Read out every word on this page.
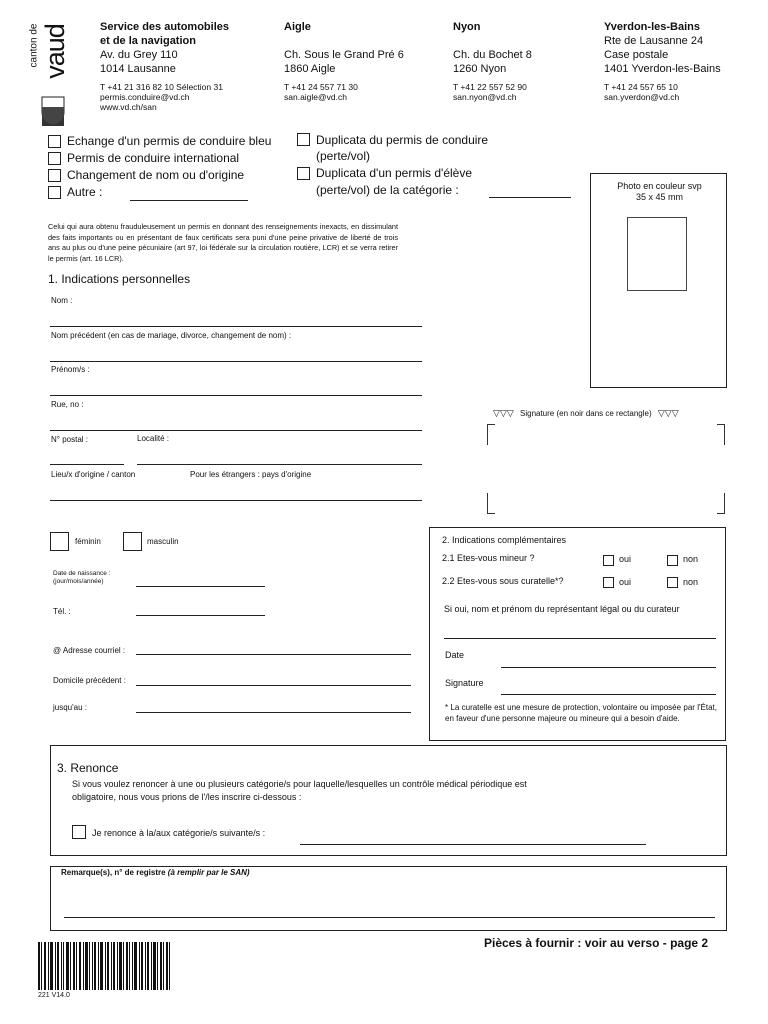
canton de vaud	Service des automobiles
et de la navigation
Av. du Grey 110
1014 Lausanne
T +41 21 316 82 10 Sélection 31
permis.conduire@vd.ch
www.vd.ch/san
Aigle

Ch. Sous le Grand Pré 6
1860 Aigle
T +41 24 557 71 30
san.aigle@vd.ch
Nyon

Ch. du Bochet 8
1260 Nyon
T +41 22 557 52 90
san.nyon@vd.ch
Yverdon-les-Bains
Rte de Lausanne 24
Case postale
1401 Yverdon-les-Bains
T +41 24 557 65 10
san.yverdon@vd.ch
Echange d'un permis de conduire bleu
Permis de conduire international
Changement de nom ou d'origine
Autre :
Duplicata du permis de conduire
(perte/vol)
Duplicata d'un permis d'élève
(perte/vol) de la catégorie :	Photo en couleur svp
35 x 45 mm
Celui qui aura obtenu frauduleusement un permis en donnant des renseignements inexacts, en dissimulant des faits importants ou en présentant de faux certificats sera puni d'une peine privative de liberté de trois ans au plus ou d'une peine pécuniaire (art 97, loi fédérale sur la circulation routière, LCR) et se verra retirer le permis (art. 16 LCR).
1. Indications personnelles
Nom :
Nom précédent (en cas de mariage, divorce, changement de nom) :
Prénom/s :
Rue, no :
N° postal :	Localité :
Lieu/x d'origine / canton	Pour les étrangers : pays d'origine
▽▽▽ Signature (en noir dans ce rectangle) ▽▽▽
féminin	masculin
Date de naissance :
(jour/mois/année)
Tél. :
@ Adresse courriel :
Domicile précédent :
jusqu'au :
2. Indications complémentaires
2.1 Etes-vous mineur ?	oui	non
2.2 Etes-vous sous curatelle*?	oui	non
Si oui, nom et prénom du représentant légal ou du curateur
Date
Signature
* La curatelle est une mesure de protection, volontaire ou imposée par l'État, en faveur d'une personne majeure ou mineure qui a besoin d'aide.
3. Renonce
Si vous voulez renoncer à une ou plusieurs catégorie/s pour laquelle/lesquelles un contrôle médical périodique est
obligatoire, nous vous prions de l'/les inscrire ci-dessous :
Je renonce à la/aux catégorie/s suivante/s :
Remarque(s), n° de registre (à remplir par le SAN)
Pièces à fournir : voir au verso - page 2
221 V14.0
